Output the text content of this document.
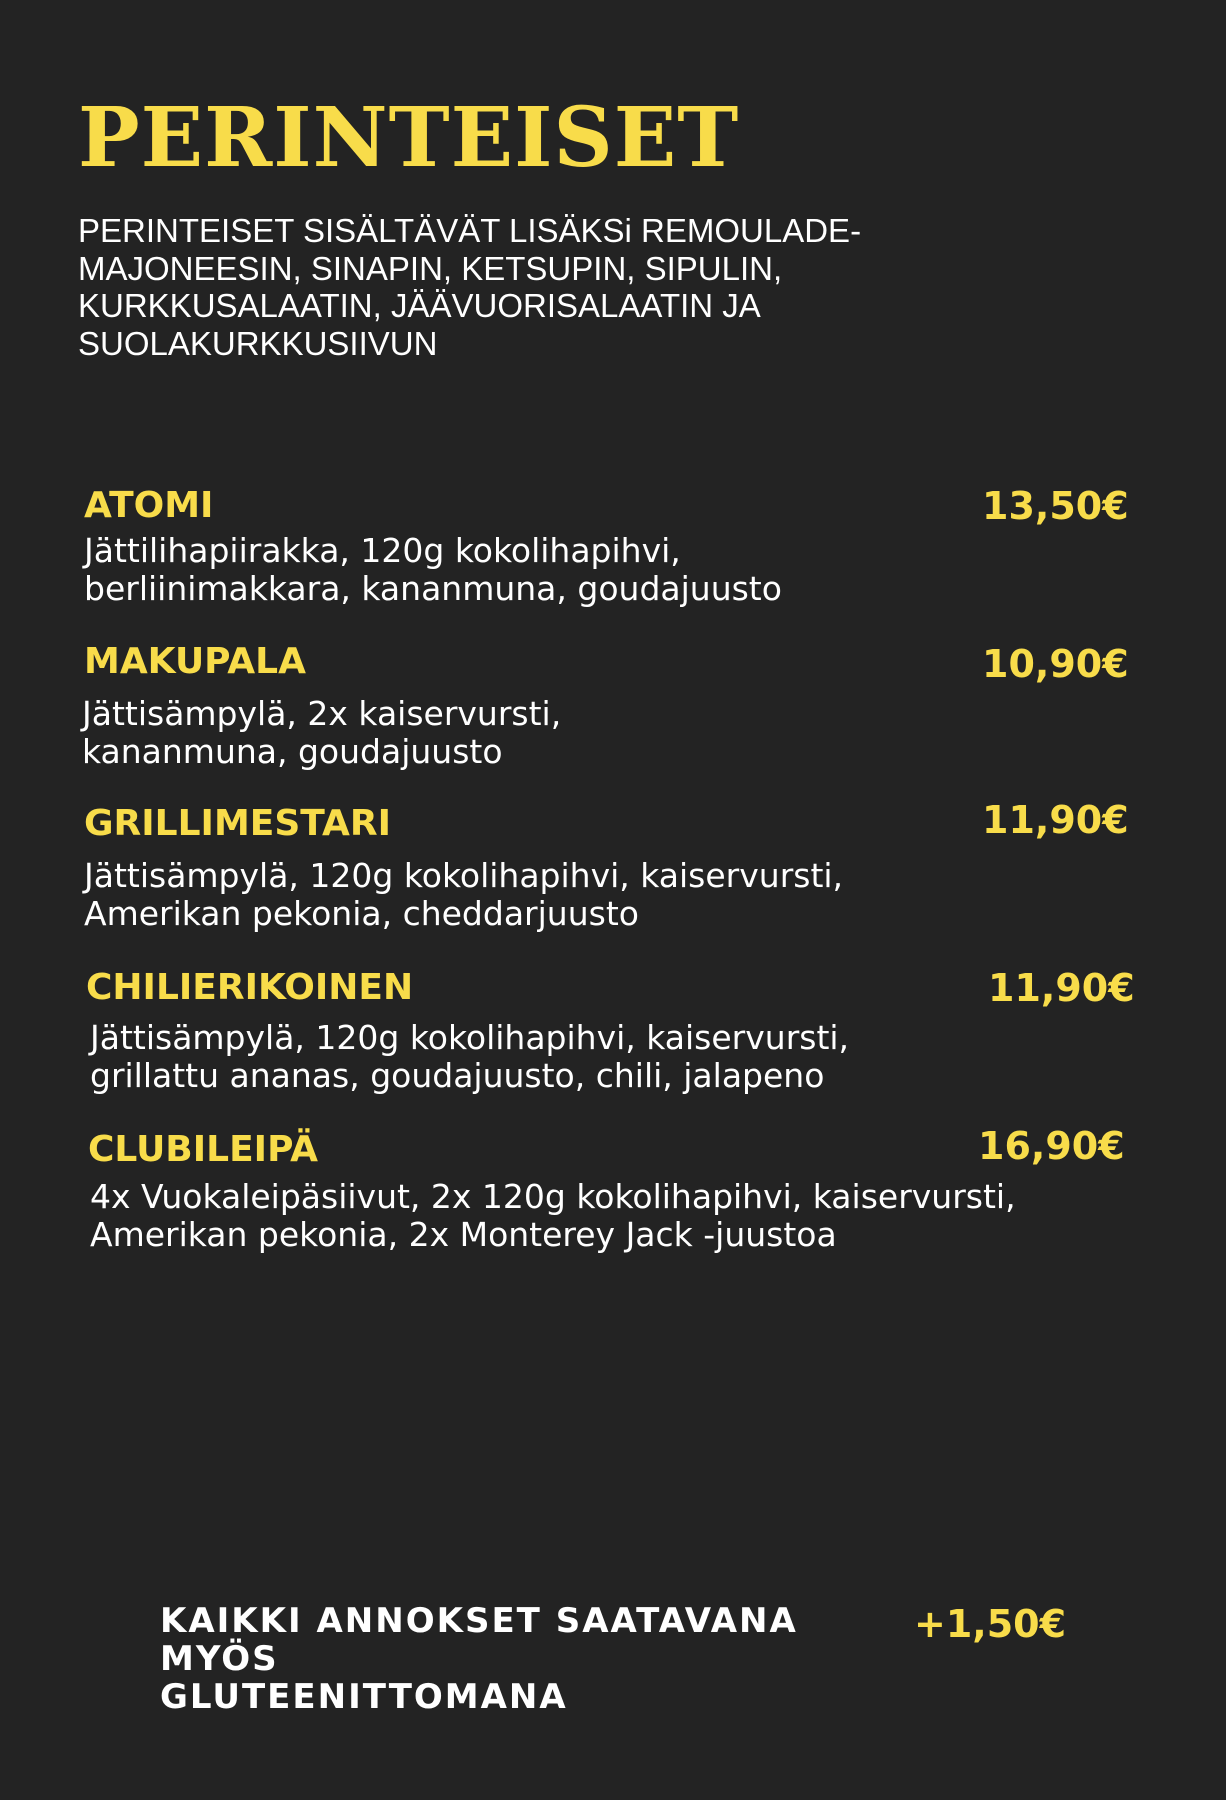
PERINTEISET

PERINTEISET SISÄLTÄVÄT LISÄKSi REMOULADE-
MAJONEESIN, SINAPIN, KETSUPIN, SIPULIN,
KURKKUSALAATIN, JÄÄVUORISALAATIN JA
SUOLAKURKKUSIIVUN

ATOMI	13,50€

Jättilihapiirakka, 120g kokolihapihvi,
berliinimakkara, kananmuna, goudajuusto

MAKUPALA	10,90€

Jättisämpylä, 2x kaiservursti,
kananmuna, goudajuusto

GRILLIMESTARI	11,90€

Jättisämpylä, 120g kokolihapihvi, kaiservursti,
Amerikan pekonia, cheddarjuusto

CHILIERIKOINEN	11,90€

Jättisämpylä, 120g kokolihapihvi, kaiservursti,
grillattu ananas, goudajuusto, chili, jalapeno

CLUBILEIPÄ	16,90€

4x Vuokaleipäsiivut, 2x 120g kokolihapihvi, kaiservursti,
Amerikan pekonia, 2x Monterey Jack -juustoa

KAIKKI ANNOKSET SAATAVANA MYÖS
GLUTEENITTOMANA

+1,50€
